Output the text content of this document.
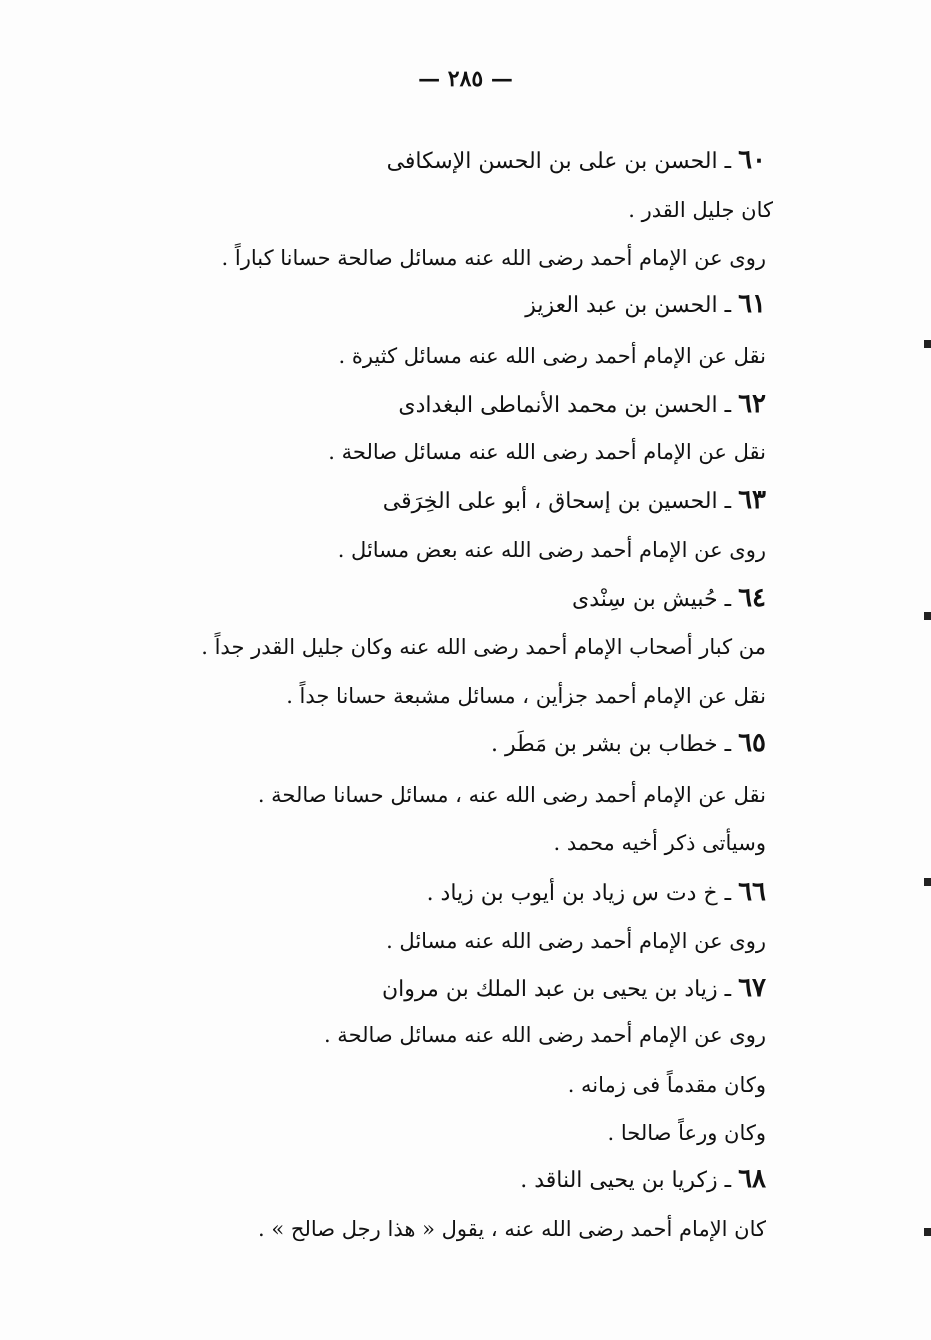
— ٢٨٥ —
٦٠ ـ الحسن بن على بن الحسن الإسكافى
كان جليل القدر .
روى عن الإمام أحمد رضى الله عنه مسائل صالحة حسانا كباراً .
٦١ ـ الحسن بن عبد العزيز
نقل عن الإمام أحمد رضى الله عنه مسائل كثيرة .
٦٢ ـ الحسن بن محمد الأنماطى البغدادى
نقل عن الإمام أحمد رضى الله عنه مسائل صالحة .
٦٣ ـ الحسين بن إسحاق ، أبو على الخِرَقى
روى عن الإمام أحمد رضى الله عنه بعض مسائل .
٦٤ ـ حُبيش بن سِنْدى
من كبار أصحاب الإمام أحمد رضى الله عنه وكان جليل القدر جداً .
نقل عن الإمام أحمد جزأين ، مسائل مشبعة حسانا جداً .
٦٥ ـ خطاب بن بشر بن مَطَر .
نقل عن الإمام أحمد رضى الله عنه ، مسائل حسانا صالحة .
وسيأتى ذكر أخيه محمد .
٦٦ ـ خ دت س زياد بن أيوب بن زياد .
روى عن الإمام أحمد رضى الله عنه مسائل .
٦٧ ـ زياد بن يحيى بن عبد الملك بن مروان
روى عن الإمام أحمد رضى الله عنه مسائل صالحة .
وكان مقدماً فى زمانه .
وكان ورعاً صالحا .
٦٨ ـ زكريا بن يحيى الناقد .
كان الإمام أحمد رضى الله عنه ، يقول « هذا رجل صالح » .
